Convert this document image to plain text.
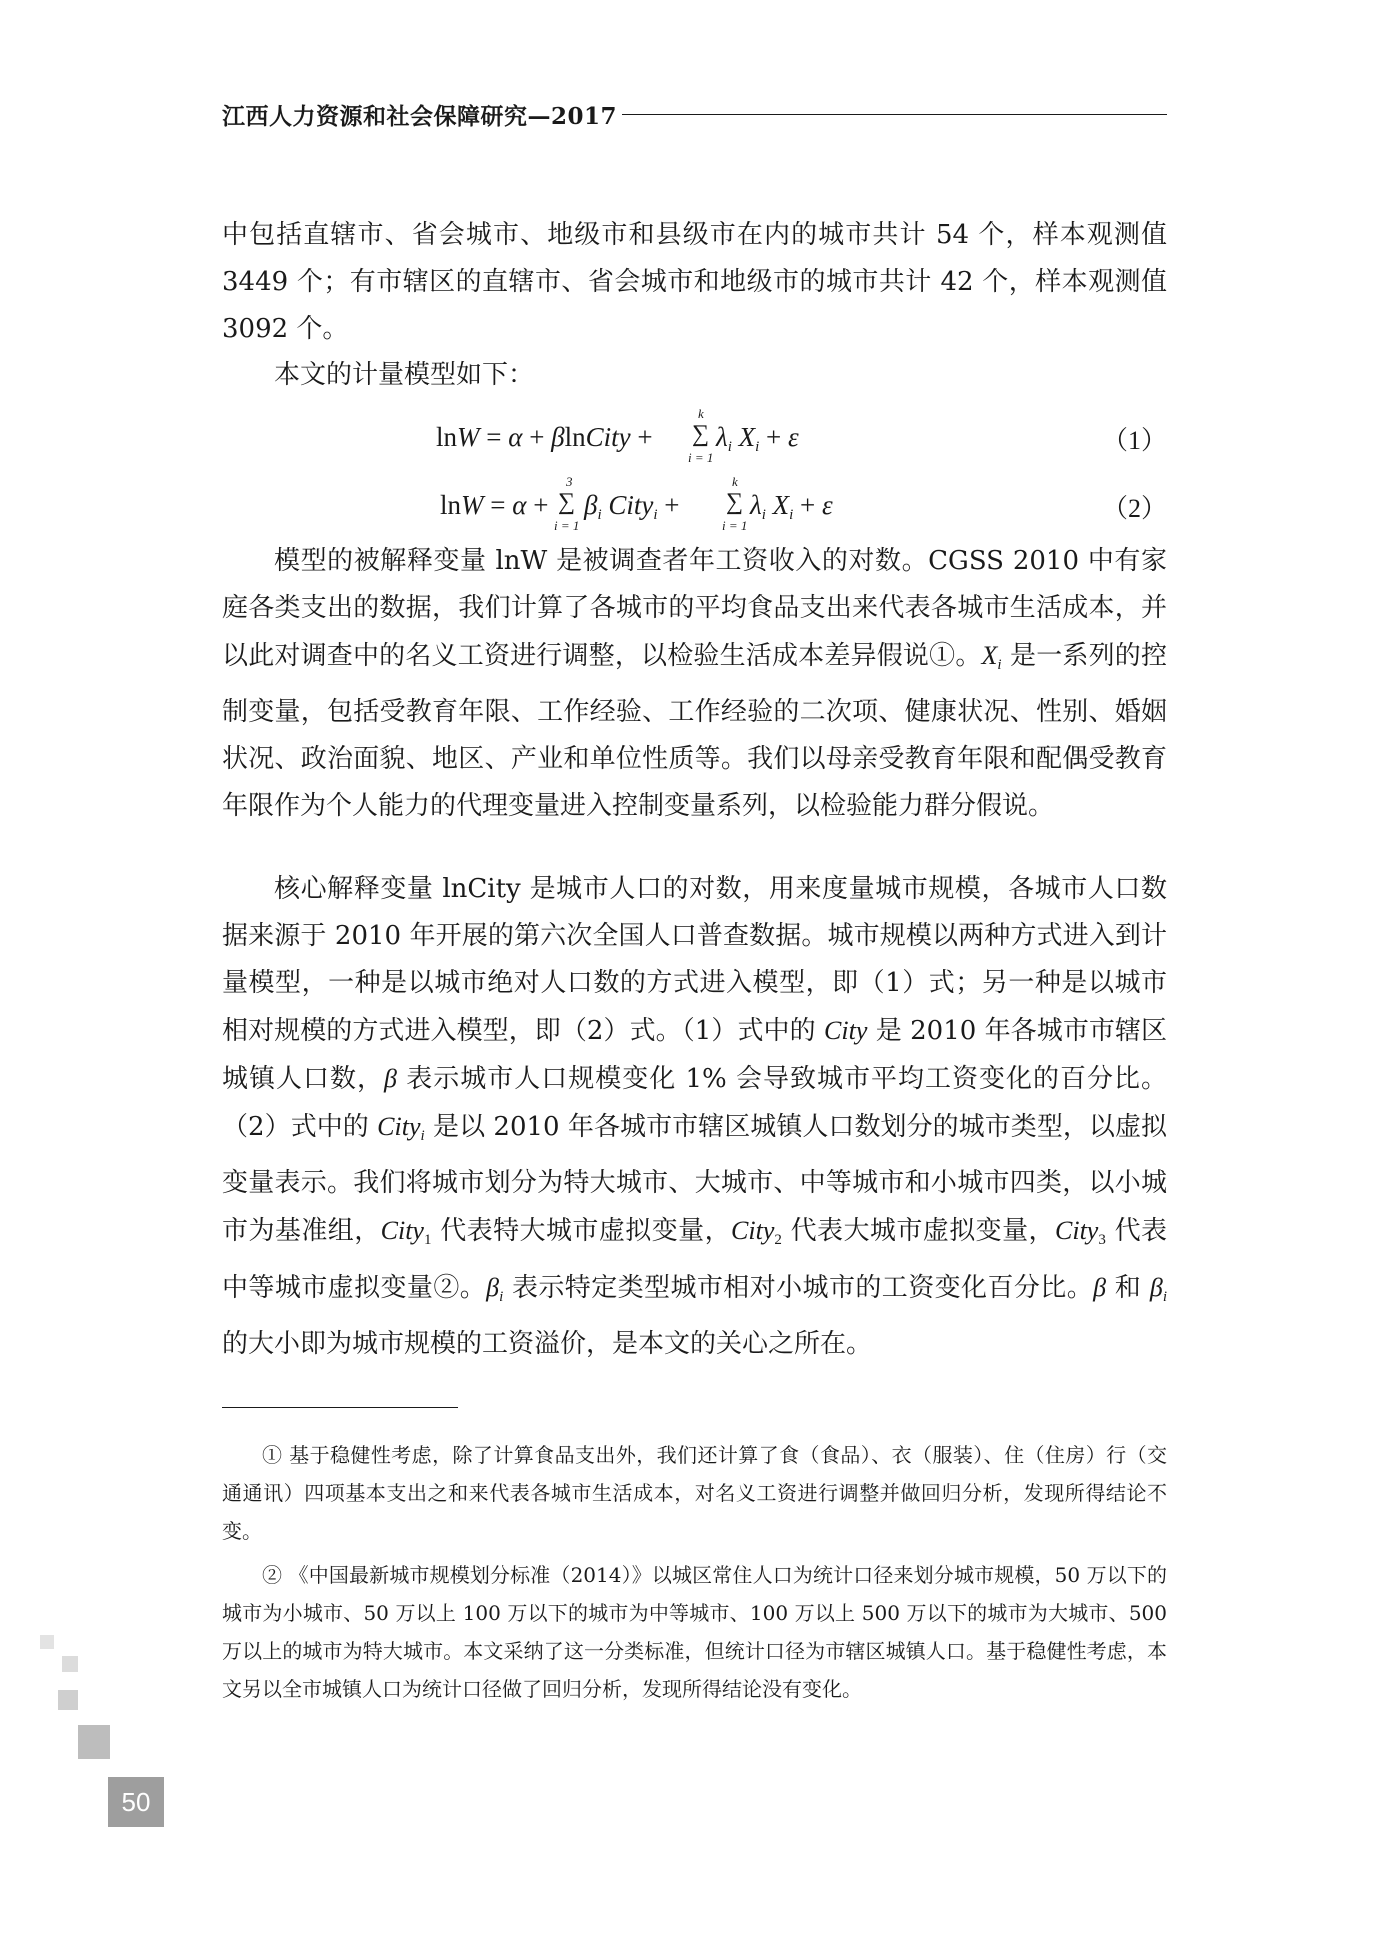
江西人力资源和社会保障研究—2017

中包括直辖市、省会城市、地级市和县级市在内的城市共计 54 个，样本观测值 3449 个；有市辖区的直辖市、省会城市和地级市的城市共计 42 个，样本观测值 3092 个。

本文的计量模型如下：

lnW = α + βlnCity +
k
∑
i = 1
$\lambda_i$ $X_i + \varepsilon$	（1）
lnW = α +
3
∑
i = 1
$\beta_i$ City$_i$ +
k
∑
i = 1
$\lambda_i$ $X_i + \varepsilon$	（2）

模型的被解释变量 lnW 是被调查者年工资收入的对数。CGSS 2010 中有家庭各类支出的数据，我们计算了各城市的平均食品支出来代表各城市生活成本，并以此对调查中的名义工资进行调整，以检验生活成本差异假说①。$X_i$ 是一系列的控制变量，包括受教育年限、工作经验、工作经验的二次项、健康状况、性别、婚姻状况、政治面貌、地区、产业和单位性质等。我们以母亲受教育年限和配偶受教育年限作为个人能力的代理变量进入控制变量系列，以检验能力群分假说。

核心解释变量 lnCity 是城市人口的对数，用来度量城市规模，各城市人口数据来源于 2010 年开展的第六次全国人口普查数据。城市规模以两种方式进入到计量模型，一种是以城市绝对人口数的方式进入模型，即（1）式；另一种是以城市相对规模的方式进入模型，即（2）式。（1）式中的 City 是 2010 年各城市市辖区城镇人口数，β 表示城市人口规模变化 1% 会导致城市平均工资变化的百分比。（2）式中的 City$_i$ 是以 2010 年各城市市辖区城镇人口数划分的城市类型，以虚拟变量表示。我们将城市划分为特大城市、大城市、中等城市和小城市四类，以小城市为基准组，City$_1$ 代表特大城市虚拟变量，City$_2$ 代表大城市虚拟变量，City$_3$ 代表中等城市虚拟变量②。$\beta_i$ 表示特定类型城市相对小城市的工资变化百分比。β 和 $\beta_i$ 的大小即为城市规模的工资溢价，是本文的关心之所在。

① 基于稳健性考虑，除了计算食品支出外，我们还计算了食（食品）、衣（服装）、住（住房）行（交通通讯）四项基本支出之和来代表各城市生活成本，对名义工资进行调整并做回归分析，发现所得结论不变。

② 《中国最新城市规模划分标准（2014）》以城区常住人口为统计口径来划分城市规模，50 万以下的城市为小城市、50 万以上 100 万以下的城市为中等城市、100 万以上 500 万以下的城市为大城市、500 万以上的城市为特大城市。本文采纳了这一分类标准，但统计口径为市辖区城镇人口。基于稳健性考虑，本文另以全市城镇人口为统计口径做了回归分析，发现所得结论没有变化。

50
